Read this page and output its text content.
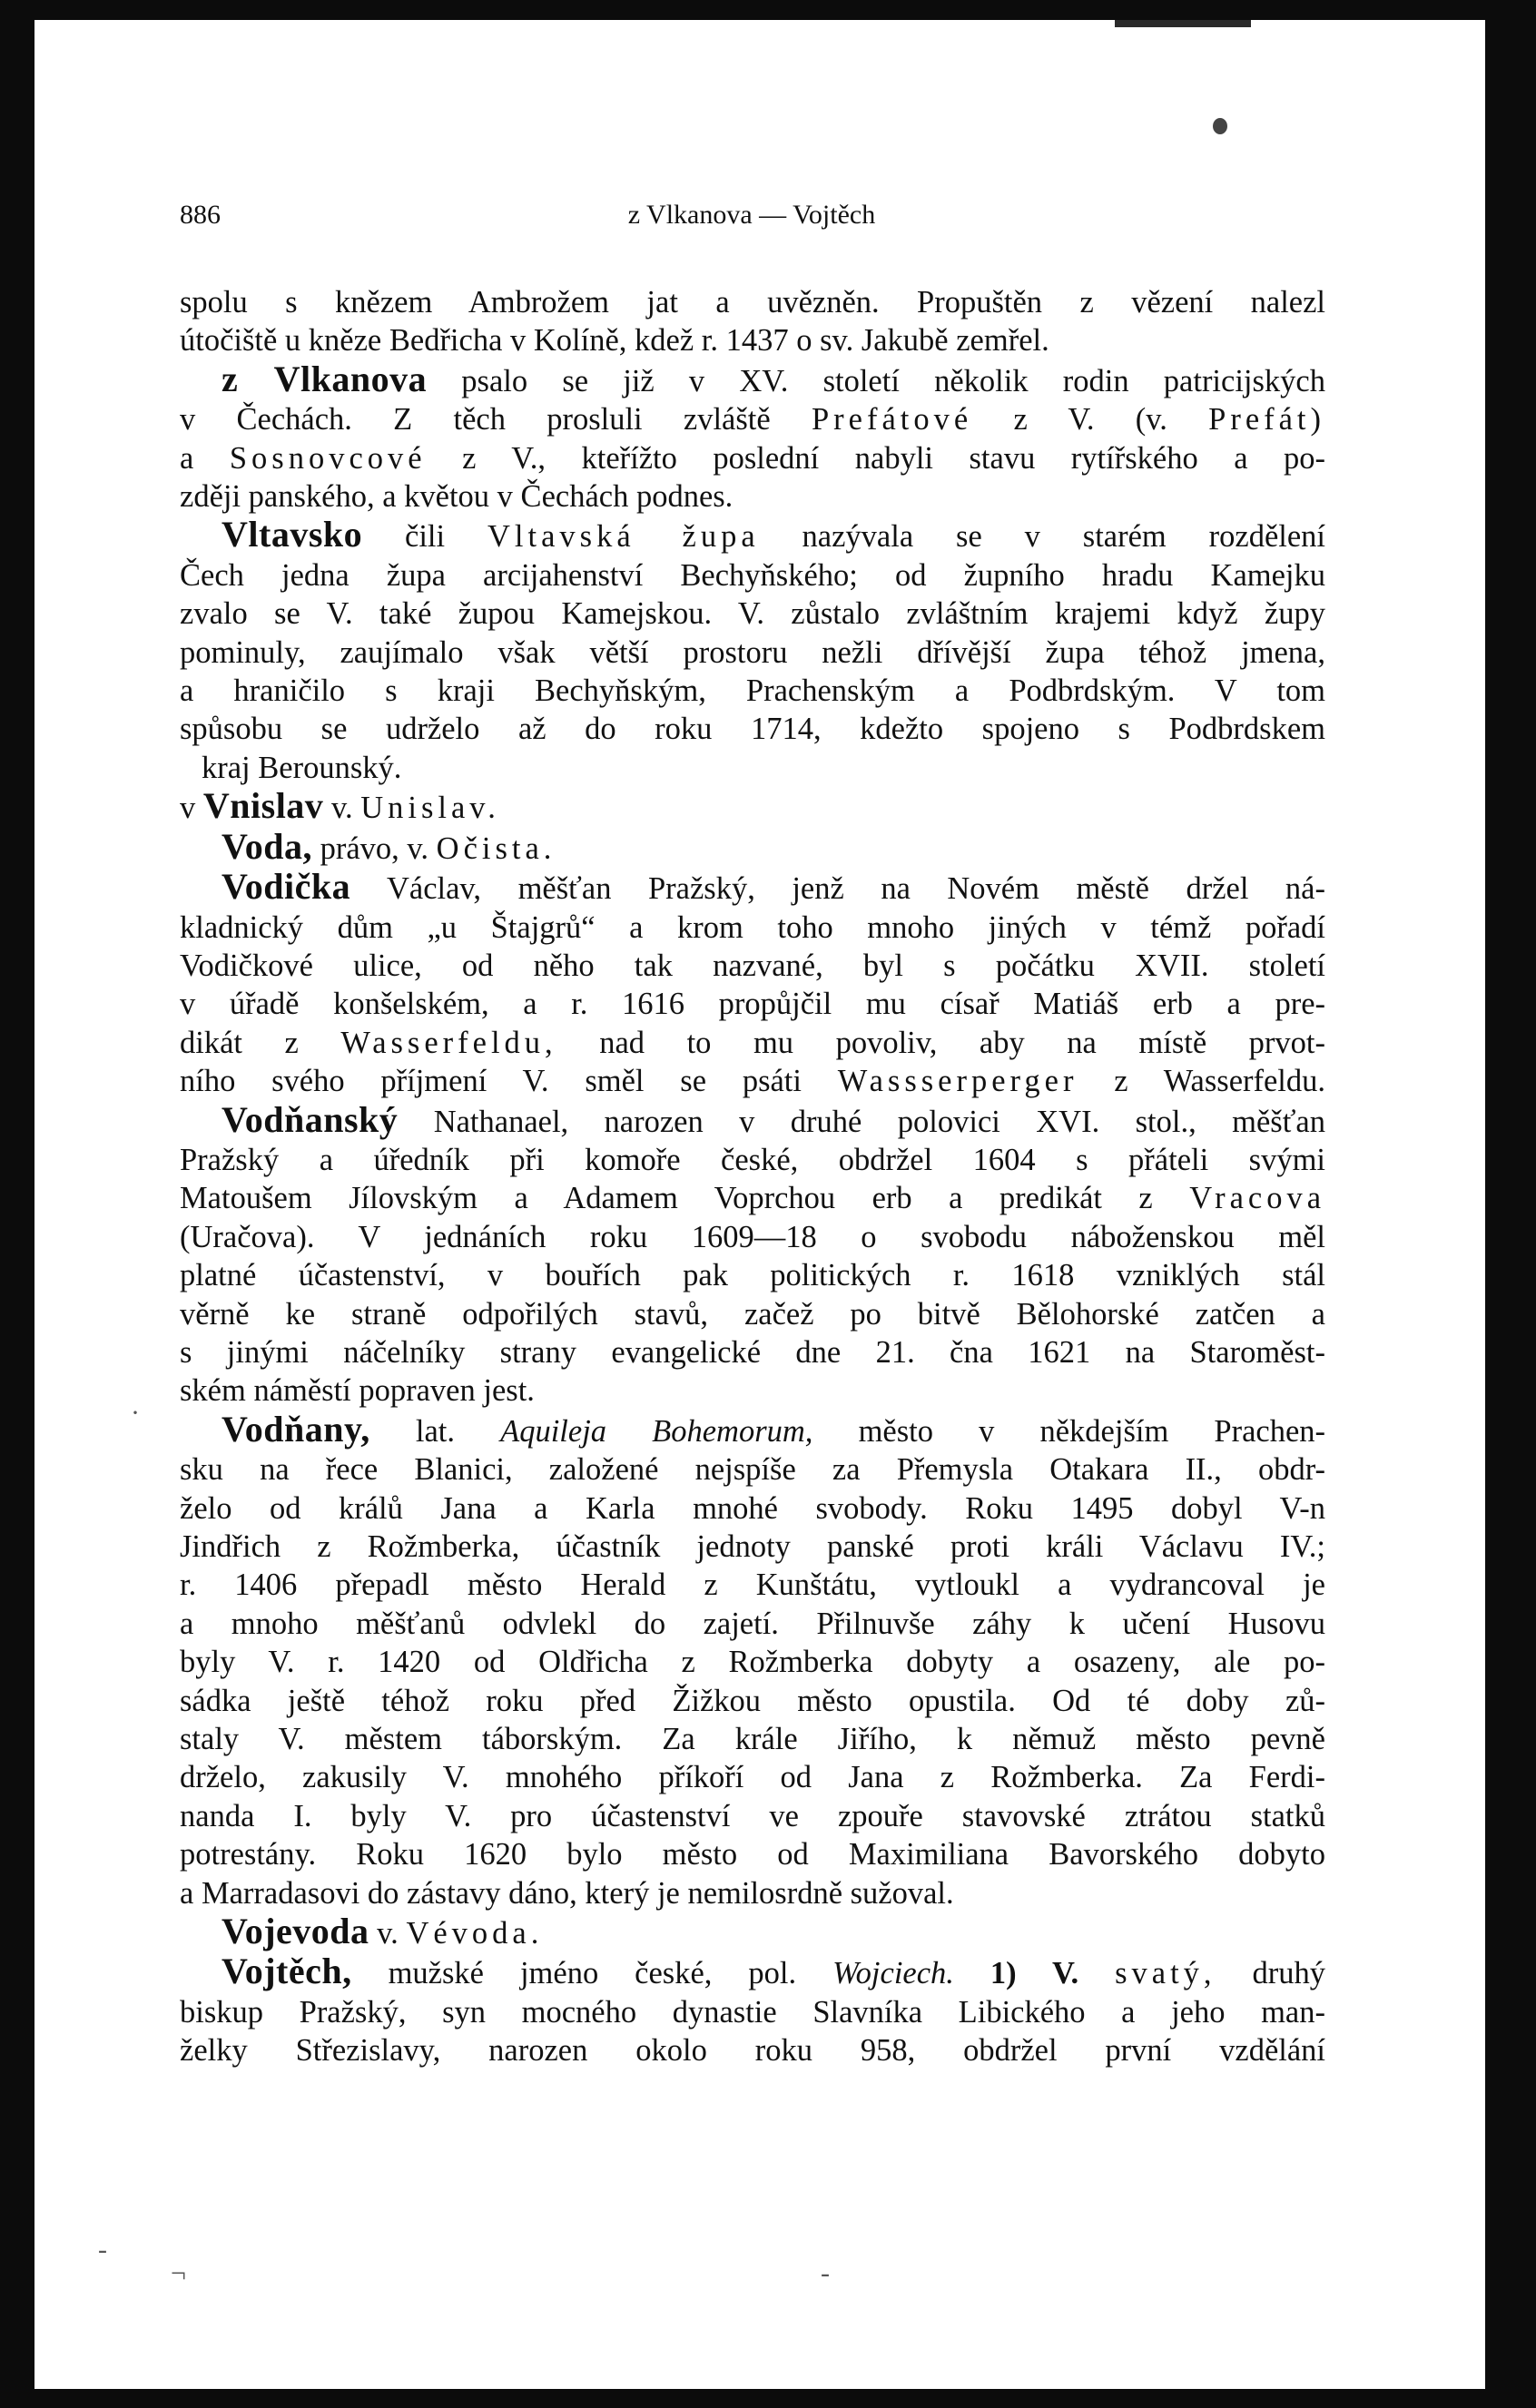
886	z Vlkanova — Vojtěch
spolu s knězem Ambrožem jat a uvězněn. Propuštěn z vězení nalezl
útočiště u kněze Bedřicha v Kolíně, kdež r. 1437 o sv. Jakubě zemřel.
z Vlkanova psalo se již v XV. století několik rodin patricijských
v Čechách. Z těch prosluli zvláště Prefátové z V. (v. Prefát)
a Sosnovcové z V., kteřížto poslední nabyli stavu rytířského a po-
zději panského, a květou v Čechách podnes.
Vltavsko čili Vltavská župa nazývala se v starém rozdělení
Čech jedna župa arcijahenství Bechyňského; od župního hradu Kamejku
zvalo se V. také župou Kamejskou. V. zůstalo zvláštním krajemi když župy
pominuly, zaujímalo však větší prostoru nežli dřívější župa téhož jmena,
a hraničilo s kraji Bechyňským, Prachenským a Podbrdským. V tom
spůsobu se udrželo až do roku 1714, kdežto spojeno s Podbrdskem
kraj Berounský.
v Vnislav v. Unislav.
Voda, právo, v. Očista.
Vodička Václav, měšťan Pražský, jenž na Novém městě držel ná-
kladnický dům „u Štajgrů“ a krom toho mnoho jiných v témž pořadí
Vodičkové ulice, od něho tak nazvané, byl s počátku XVII. století
v úřadě konšelském, a r. 1616 propůjčil mu císař Matiáš erb a pre-
dikát z Wasserfeldu, nad to mu povoliv, aby na místě prvot-
ního svého příjmení V. směl se psáti Wassserperger z Wasserfeldu.
Vodňanský Nathanael, narozen v druhé polovici XVI. stol., měšťan
Pražský a úředník při komoře české, obdržel 1604 s přáteli svými
Matoušem Jílovským a Adamem Voprchou erb a predikát z Vracova
(Uračova). V jednáních roku 1609—18 o svobodu náboženskou měl
platné účastenství, v bouřích pak politických r. 1618 vzniklých stál
věrně ke straně odpořilých stavů, začež po bitvě Bělohorské zatčen a
s jinými náčelníky strany evangelické dne 21. čna 1621 na Staroměst-
ském náměstí popraven jest.
Vodňany, lat. Aquileja Bohemorum, město v někdejším Prachen-
sku na řece Blanici, založené nejspíše za Přemysla Otakara II., obdr-
želo od králů Jana a Karla mnohé svobody. Roku 1495 dobyl V-n
Jindřich z Rožmberka, účastník jednoty panské proti králi Václavu IV.;
r. 1406 přepadl město Herald z Kunštátu, vytloukl a vydrancoval je
a mnoho měšťanů odvlekl do zajetí. Přilnuvše záhy k učení Husovu
byly V. r. 1420 od Oldřicha z Rožmberka dobyty a osazeny, ale po-
sádka ještě téhož roku před Žižkou město opustila. Od té doby zů-
staly V. městem táborským. Za krále Jiřího, k němuž město pevně
drželo, zakusily V. mnohého příkoří od Jana z Rožmberka. Za Ferdi-
nanda I. byly V. pro účastenství ve zpouře stavovské ztrátou statků
potrestány. Roku 1620 bylo město od Maximiliana Bavorského dobyto
a Marradasovi do zástavy dáno, který je nemilosrdně sužoval.
Vojevoda v. Vévoda.
Vojtěch, mužské jméno české, pol. Wojciech. 1) V. svatý, druhý
biskup Pražský, syn mocného dynastie Slavníka Libického a jeho man-
želky Střezislavy, narozen okolo roku 958, obdržel první vzdělání
·
-
-
¬
